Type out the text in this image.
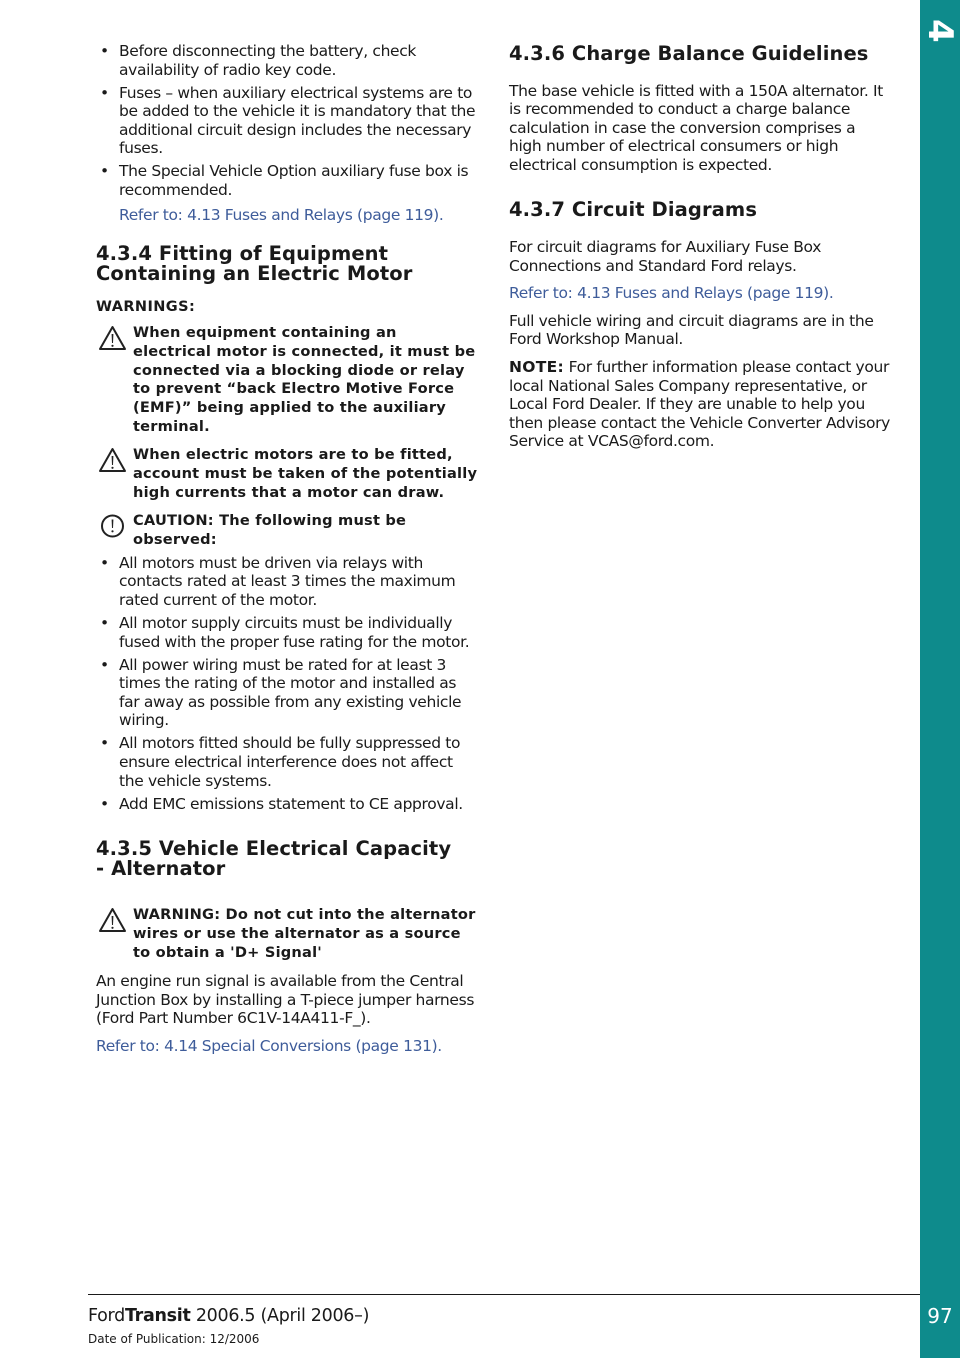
• Before disconnecting the battery, check availability of radio key code.
• Fuses – when auxiliary electrical systems are to be added to the vehicle it is mandatory that the additional circuit design includes the necessary fuses.
• The Special Vehicle Option auxiliary fuse box is recommended.

Refer to: 4.13 Fuses and Relays (page 119).

4.3.4 Fitting of Equipment
Containing an Electric Motor
WARNINGS:
When equipment containing an electrical motor is connected, it must be connected via a blocking diode or relay to prevent “back Electro Motive Force (EMF)” being applied to the auxiliary terminal.
When electric motors are to be fitted, account must be taken of the potentially high currents that a motor can draw.
CAUTION: The following must be observed:
• All motors must be driven via relays with contacts rated at least 3 times the maximum rated current of the motor.
• All motor supply circuits must be individually fused with the proper fuse rating for the motor.
• All power wiring must be rated for at least 3 times the rating of the motor and installed as far away as possible from any existing vehicle wiring.
• All motors fitted should be fully suppressed to ensure electrical interference does not affect the vehicle systems.
• Add EMC emissions statement to CE approval.
4.3.5 Vehicle Electrical Capacity
- Alternator
WARNING: Do not cut into the alternator wires or use the alternator as a source to obtain a 'D+ Signal'

An engine run signal is available from the Central Junction Box by installing a T-piece jumper harness (Ford Part Number 6C1V-14A411-F_).

Refer to: 4.14 Special Conversions (page 131).

4.3.6 Charge Balance Guidelines

The base vehicle is fitted with a 150A alternator. It is recommended to conduct a charge balance calculation in case the conversion comprises a high number of electrical consumers or high electrical consumption is expected.

4.3.7 Circuit Diagrams

For circuit diagrams for Auxiliary Fuse Box Connections and Standard Ford relays.

Refer to: 4.13 Fuses and Relays (page 119).

Full vehicle wiring and circuit diagrams are in the Ford Workshop Manual.

NOTE: For further information please contact your local National Sales Company representative, or Local Ford Dealer. If they are unable to help you then please contact the Vehicle Converter Advisory Service at VCAS@ford.com.

4 Electrical
97
FordTransit 2006.5 (April 2006–)
Date of Publication: 12/2006
